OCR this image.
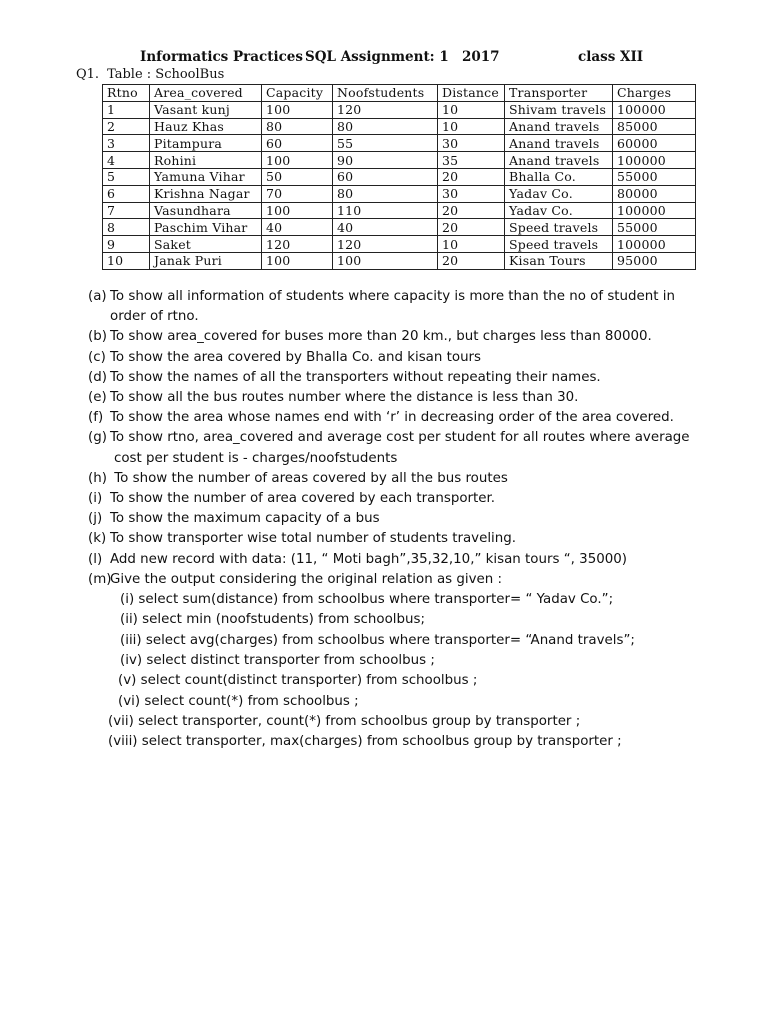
Informatics Practices SQL Assignment: 1 2017	class XII
Q1. Table : SchoolBus
Rtno	Area_covered	Capacity	Noofstudents	Distance	Transporter	Charges
1	Vasant kunj	100	120	10	Shivam travels	100000
2	Hauz Khas	80	80	10	Anand travels	85000
3	Pitampura	60	55	30	Anand travels	60000
4	Rohini	100	90	35	Anand travels	100000
5	Yamuna Vihar	50	60	20	Bhalla Co.	55000
6	Krishna Nagar	70	80	30	Yadav Co.	80000
7	Vasundhara	100	110	20	Yadav Co.	100000
8	Paschim Vihar	40	40	20	Speed travels	55000
9	Saket	120	120	10	Speed travels	100000
10	Janak Puri	100	100	20	Kisan Tours	95000
(a) To show all information of students where capacity is more than the no of student in
order of rtno.
(b) To show area_covered for buses more than 20 km., but charges less than 80000.
(c) To show the area covered by Bhalla Co. and kisan tours
(d) To show the names of all the transporters without repeating their names.
(e) To show all the bus routes number where the distance is less than 30.
(f) To show the area whose names end with ‘r’ in decreasing order of the area covered.
(g) To show rtno, area_covered and average cost per student for all routes where average
cost per student is - charges/noofstudents
(h) To show the number of areas covered by all the bus routes
(i) To show the number of area covered by each transporter.
(j) To show the maximum capacity of a bus
(k) To show transporter wise total number of students traveling.
(l) Add new record with data: (11, “ Moti bagh”,35,32,10,” kisan tours “, 35000)
(m)Give the output considering the original relation as given :
(i) select sum(distance) from schoolbus where transporter= “ Yadav Co.”;
(ii) select min (noofstudents) from schoolbus;
(iii) select avg(charges) from schoolbus where transporter= “Anand travels”;
(iv) select distinct transporter from schoolbus ;
(v) select count(distinct transporter) from schoolbus ;
(vi) select count(*) from schoolbus ;
(vii) select transporter, count(*) from schoolbus group by transporter ;
(viii) select transporter, max(charges) from schoolbus group by transporter ;
